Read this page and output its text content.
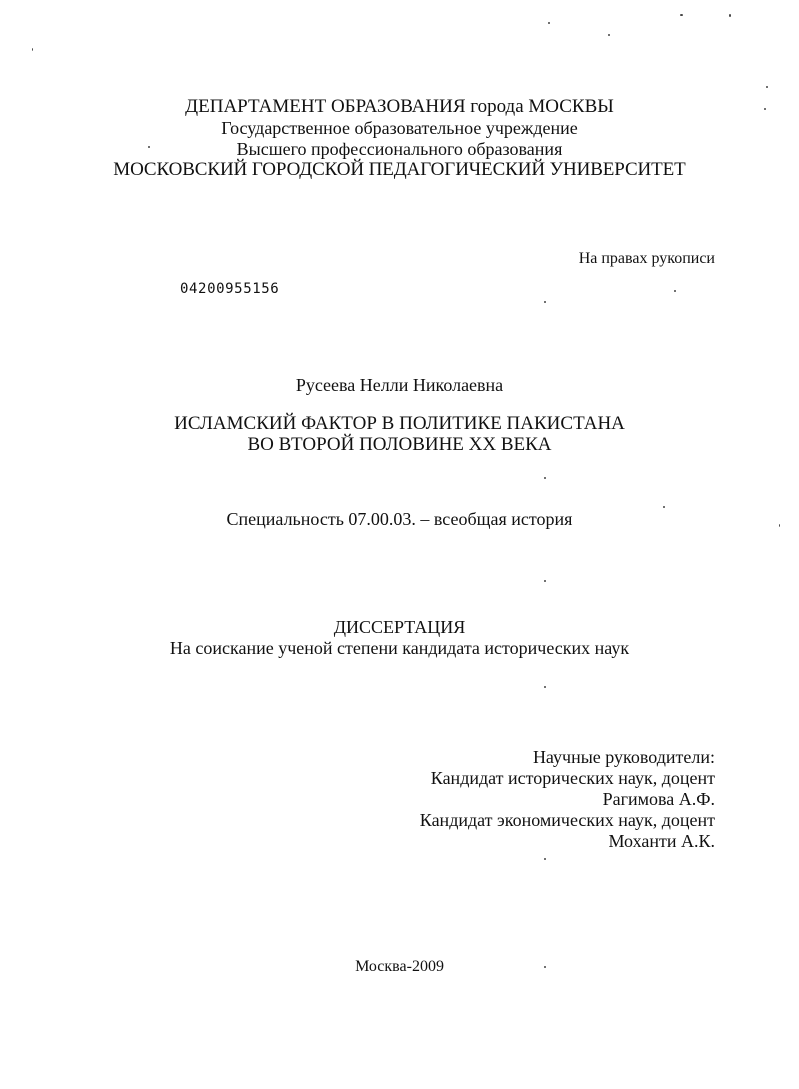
ДЕПАРТАМЕНТ ОБРАЗОВАНИЯ города МОСКВЫ
Государственное образовательное учреждение
Высшего профессионального образования
МОСКОВСКИЙ ГОРОДСКОЙ ПЕДАГОГИЧЕСКИЙ УНИВЕРСИТЕТ
На правах рукописи
04200955156
Русеева Нелли Николаевна
ИСЛАМСКИЙ ФАКТОР В ПОЛИТИКЕ ПАКИСТАНА
ВО ВТОРОЙ ПОЛОВИНЕ XX ВЕКА
Специальность 07.00.03. – всеобщая история
ДИССЕРТАЦИЯ
На соискание ученой степени кандидата исторических наук
Научные руководители:
Кандидат исторических наук, доцент
Рагимова А.Ф.
Кандидат экономических наук, доцент
Моханти А.К.
Москва-2009
